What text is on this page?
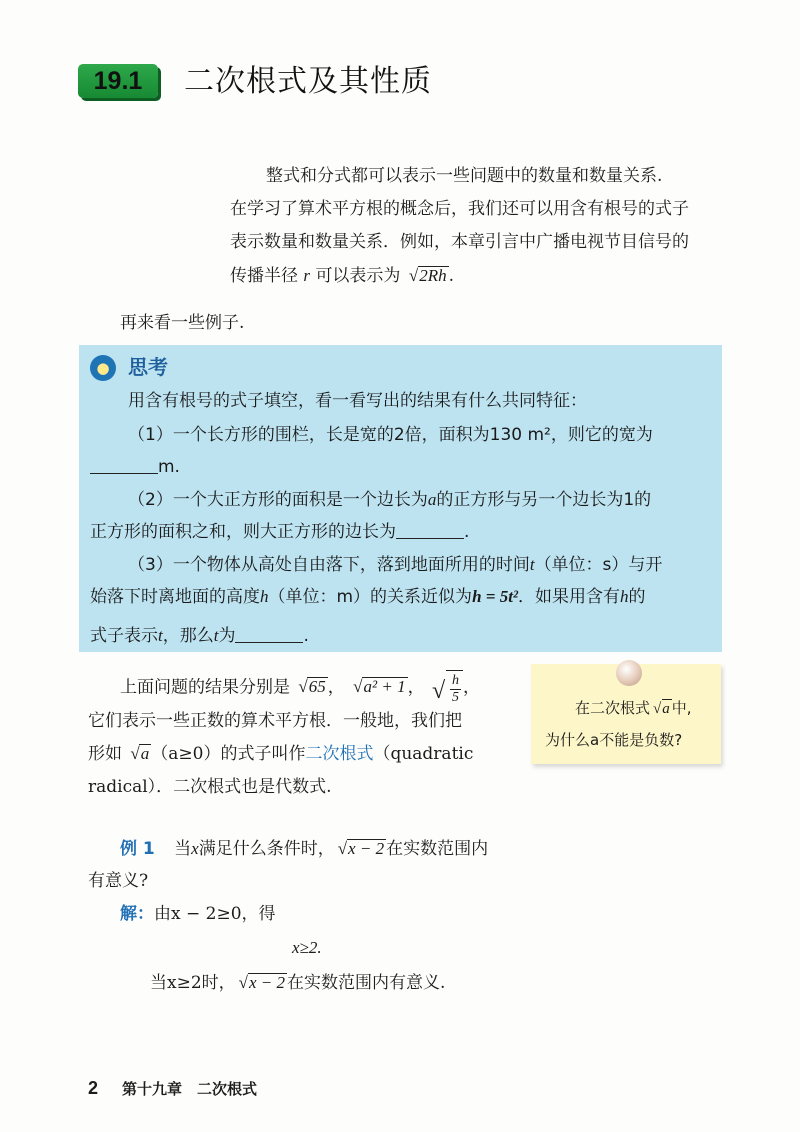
19.1	二次根式及其性质
整式和分式都可以表示一些问题中的数量和数量关系.
在学习了算术平方根的概念后，我们还可以用含有根号的式子
表示数量和数量关系．例如，本章引言中广播电视节目信号的
传播半径 r 可以表示为 √ 2Rh .
再来看一些例子.
● 思考
用含有根号的式子填空，看一看写出的结果有什么共同特征：
（1）一个长方形的围栏，长是宽的2倍，面积为130 m²，则它的宽为
m.
（2）一个大正方形的面积是一个边长为a的正方形与另一个边长为1的
正方形的面积之和，则大正方形的边长为	.
（3）一个物体从高处自由落下，落到地面所用的时间t（单位：s）与开
始落下时离地面的高度h（单位：m）的关系近似为h = 5t²．如果用含有h的
式子表示t，那么t为	.
上面问题的结果分别是 √ 65 ， √ a² + 1 ， √ $\frac{h}{5}$ ，
它们表示一些正数的算术平方根．一般地，我们把
形如 √ a （a≥0）的式子叫作二次根式（quadratic
radical）．二次根式也是代数式.
在二次根式 √ a 中,
为什么a不能是负数?
例 1 当x满足什么条件时， √ x − 2 在实数范围内
有意义?
解：由x − 2≥0，得
x≥2.
当x≥2时， √ x − 2 在实数范围内有意义.
2 第十九章　二次根式
